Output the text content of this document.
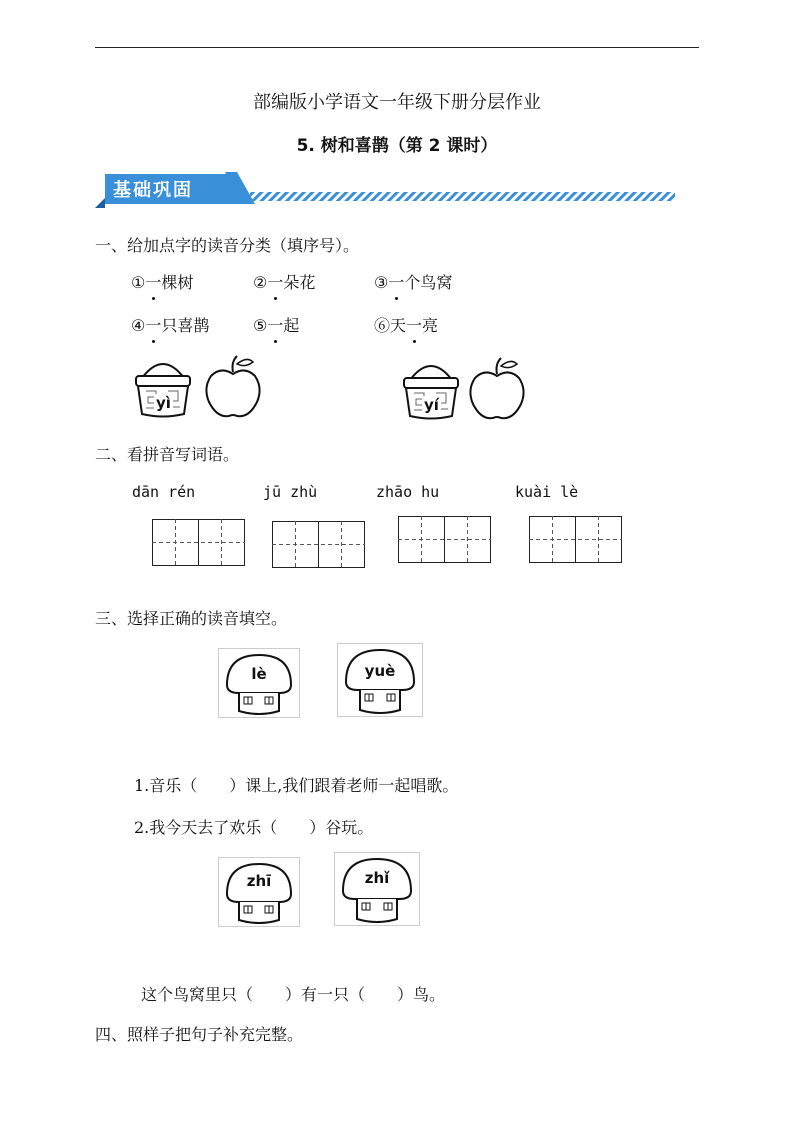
部编版小学语文一年级下册分层作业
5. 树和喜鹊（第 2 课时）
基础巩固
一、给加点字的读音分类（填序号）。
①一棵树	②一朵花	③一个鸟窝
④一只喜鹊	⑤一起	⑥天一亮
yì	yí
二、看拼音写词语。
dān rén	jū zhù	zhāo hu	kuài lè
三、选择正确的读音填空。
lè	yuè
1.音乐（　　）课上,我们跟着老师一起唱歌。
2.我今天去了欢乐（　　）谷玩。
zhī	zhǐ
这个鸟窝里只（　　）有一只（　　）鸟。
四、照样子把句子补充完整。
